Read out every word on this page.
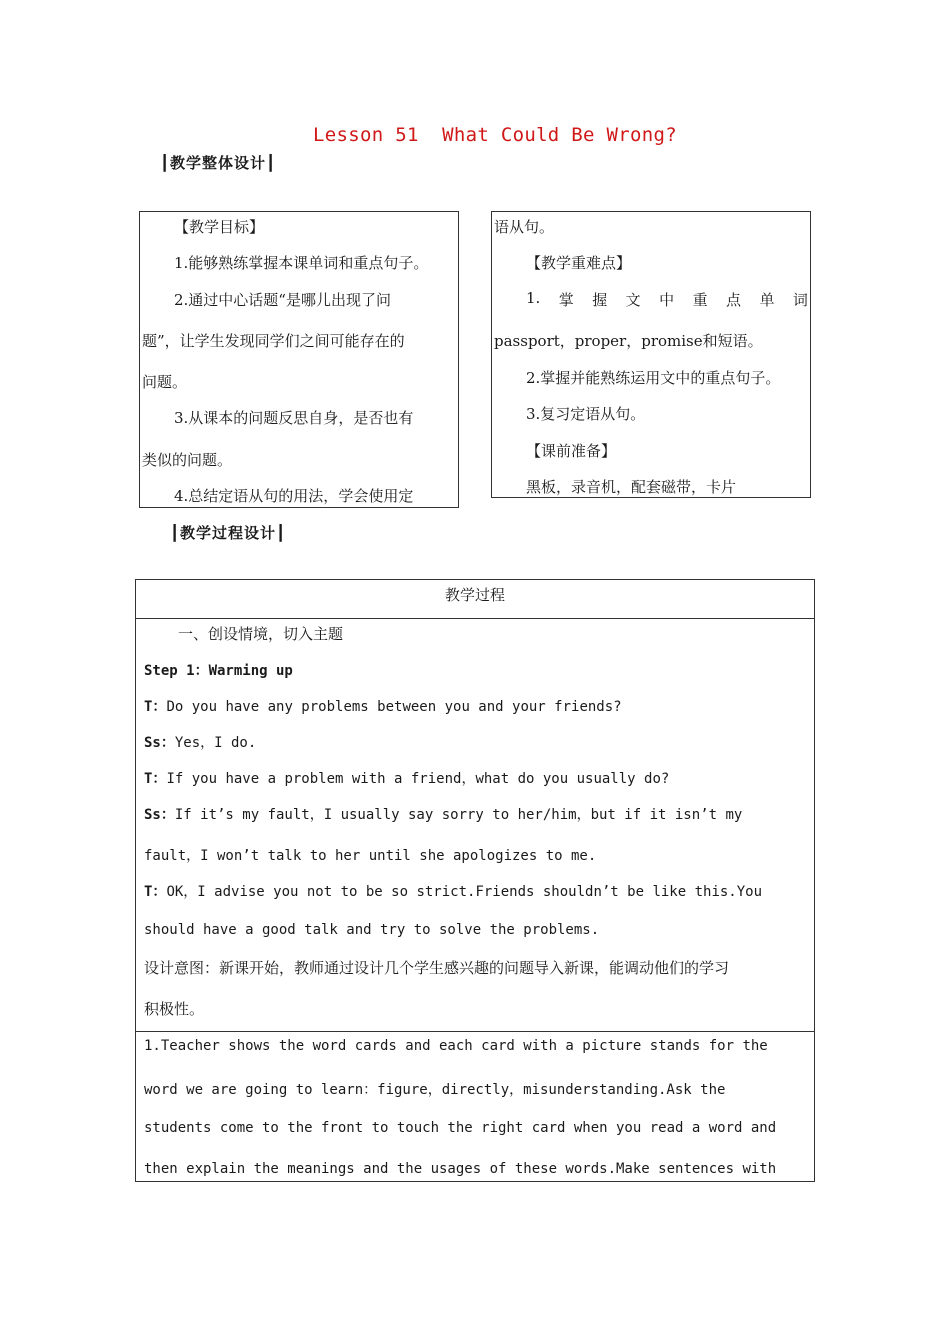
Lesson 51  What Could Be Wrong?
┃教学整体设计┃
【教学目标】
1.能够熟练掌握本课单词和重点句子。
2.通过中心话题“是哪儿出现了问
题”，让学生发现同学们之间可能存在的
问题。
3.从课本的问题反思自身，是否也有
类似的问题。
4.总结定语从句的用法，学会使用定
语从句。
【教学重难点】
1. 掌 握 文 中 重 点 单 词
passport，proper，promise和短语。
2.掌握并能熟练运用文中的重点句子。
3.复习定语从句。
【课前准备】
黑板，录音机，配套磁带，卡片
┃教学过程设计┃
教学过程
一、创设情境，切入主题
Step 1：Warming up
T：Do you have any problems between you and your friends?
Ss：Yes，I do.
T：If you have a problem with a friend，what do you usually do?
Ss：If it’s my fault，I usually say sorry to her/him，but if it isn’t my
fault，I won’t talk to her until she apologizes to me.
T：OK，I advise you not to be so strict.Friends shouldn’t be like this.You
should have a good talk and try to solve the problems.
设计意图：新课开始，教师通过设计几个学生感兴趣的问题导入新课，能调动他们的学习
积极性。
1.Teacher shows the word cards and each card with a picture stands for the
word we are going to learn：figure，directly，misunderstanding.Ask the
students come to the front to touch the right card when you read a word and
then explain the meanings and the usages of these words.Make sentences with
